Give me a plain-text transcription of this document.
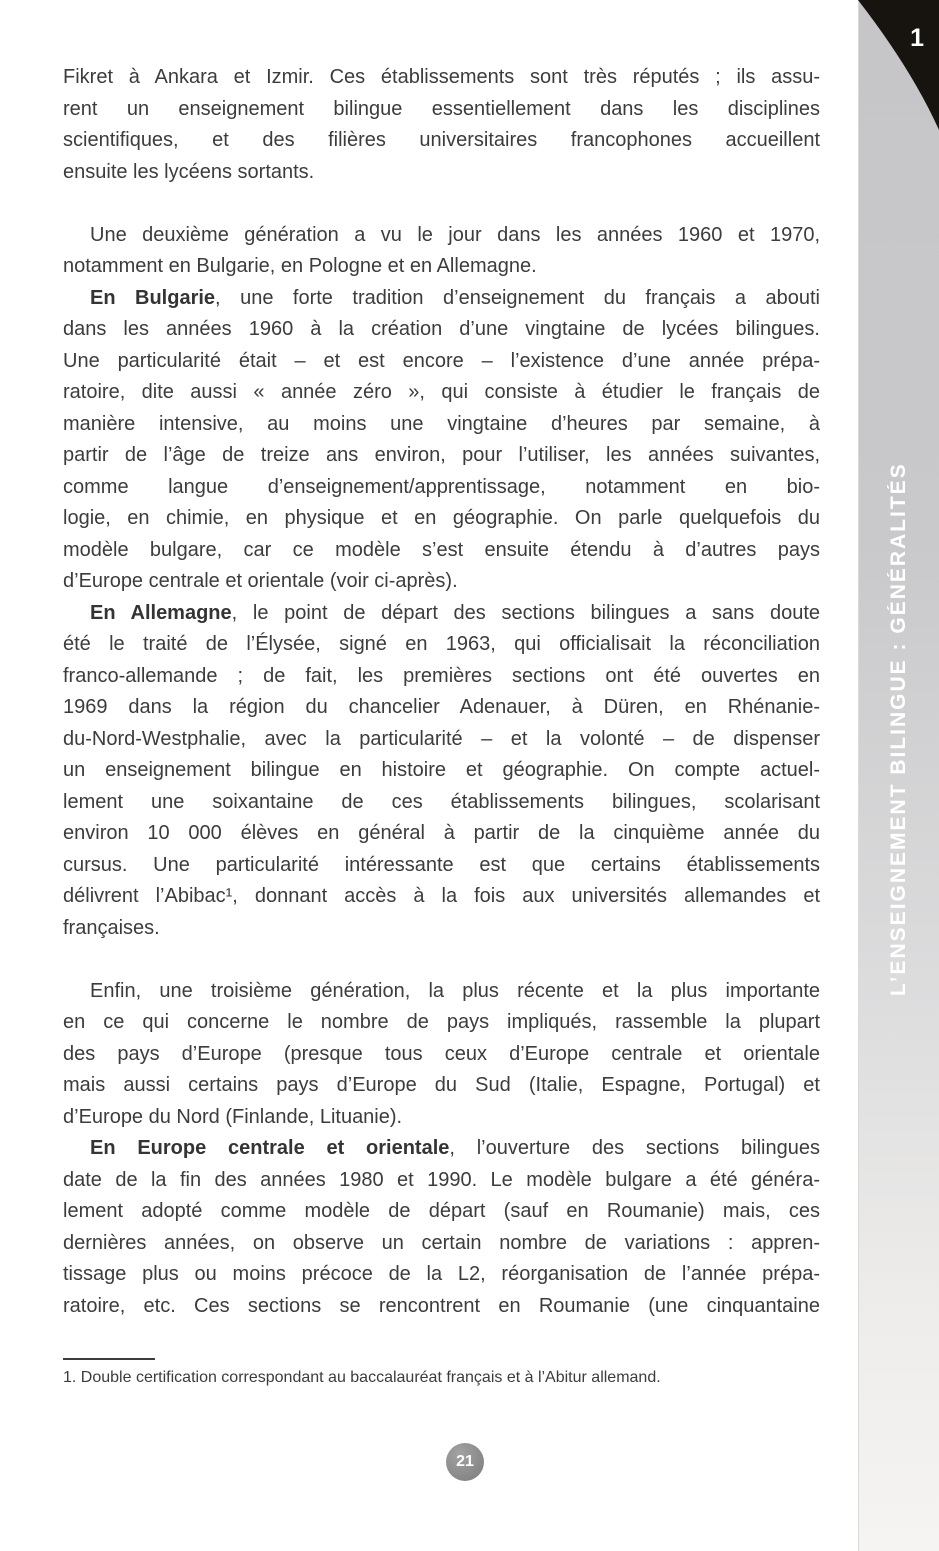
Fikret à Ankara et Izmir. Ces établissements sont très réputés ; ils assu-
rent un enseignement bilingue essentiellement dans les disciplines
scientifiques, et des filières universitaires francophones accueillent
ensuite les lycéens sortants.
Une deuxième génération a vu le jour dans les années 1960 et 1970,
notamment en Bulgarie, en Pologne et en Allemagne.
En Bulgarie, une forte tradition d’enseignement du français a abouti
dans les années 1960 à la création d’une vingtaine de lycées bilingues.
Une particularité était – et est encore – l’existence d’une année prépa-
ratoire, dite aussi « année zéro », qui consiste à étudier le français de
manière intensive, au moins une vingtaine d’heures par semaine, à
partir de l’âge de treize ans environ, pour l’utiliser, les années suivantes,
comme langue d’enseignement/apprentissage, notamment en bio-
logie, en chimie, en physique et en géographie. On parle quelquefois du
modèle bulgare, car ce modèle s’est ensuite étendu à d’autres pays
d’Europe centrale et orientale (voir ci-après).
En Allemagne, le point de départ des sections bilingues a sans doute
été le traité de l’Élysée, signé en 1963, qui officialisait la réconciliation
franco-allemande ; de fait, les premières sections ont été ouvertes en
1969 dans la région du chancelier Adenauer, à Düren, en Rhénanie-
du-Nord-Westphalie, avec la particularité – et la volonté – de dispenser
un enseignement bilingue en histoire et géographie. On compte actuel-
lement une soixantaine de ces établissements bilingues, scolarisant
environ 10 000 élèves en général à partir de la cinquième année du
cursus. Une particularité intéressante est que certains établissements
délivrent l’Abibac¹, donnant accès à la fois aux universités allemandes et
françaises.
Enfin, une troisième génération, la plus récente et la plus importante
en ce qui concerne le nombre de pays impliqués, rassemble la plupart
des pays d’Europe (presque tous ceux d’Europe centrale et orientale
mais aussi certains pays d’Europe du Sud (Italie, Espagne, Portugal) et
d’Europe du Nord (Finlande, Lituanie).
En Europe centrale et orientale, l’ouverture des sections bilingues
date de la fin des années 1980 et 1990. Le modèle bulgare a été généra-
lement adopté comme modèle de départ (sauf en Roumanie) mais, ces
dernières années, on observe un certain nombre de variations : appren-
tissage plus ou moins précoce de la L2, réorganisation de l’année prépa-
ratoire, etc. Ces sections se rencontrent en Roumanie (une cinquantaine
1. Double certification correspondant au baccalauréat français et à l’Abitur allemand.
21
1
L’ENSEIGNEMENT BILINGUE : GÉNÉRALITÉS
